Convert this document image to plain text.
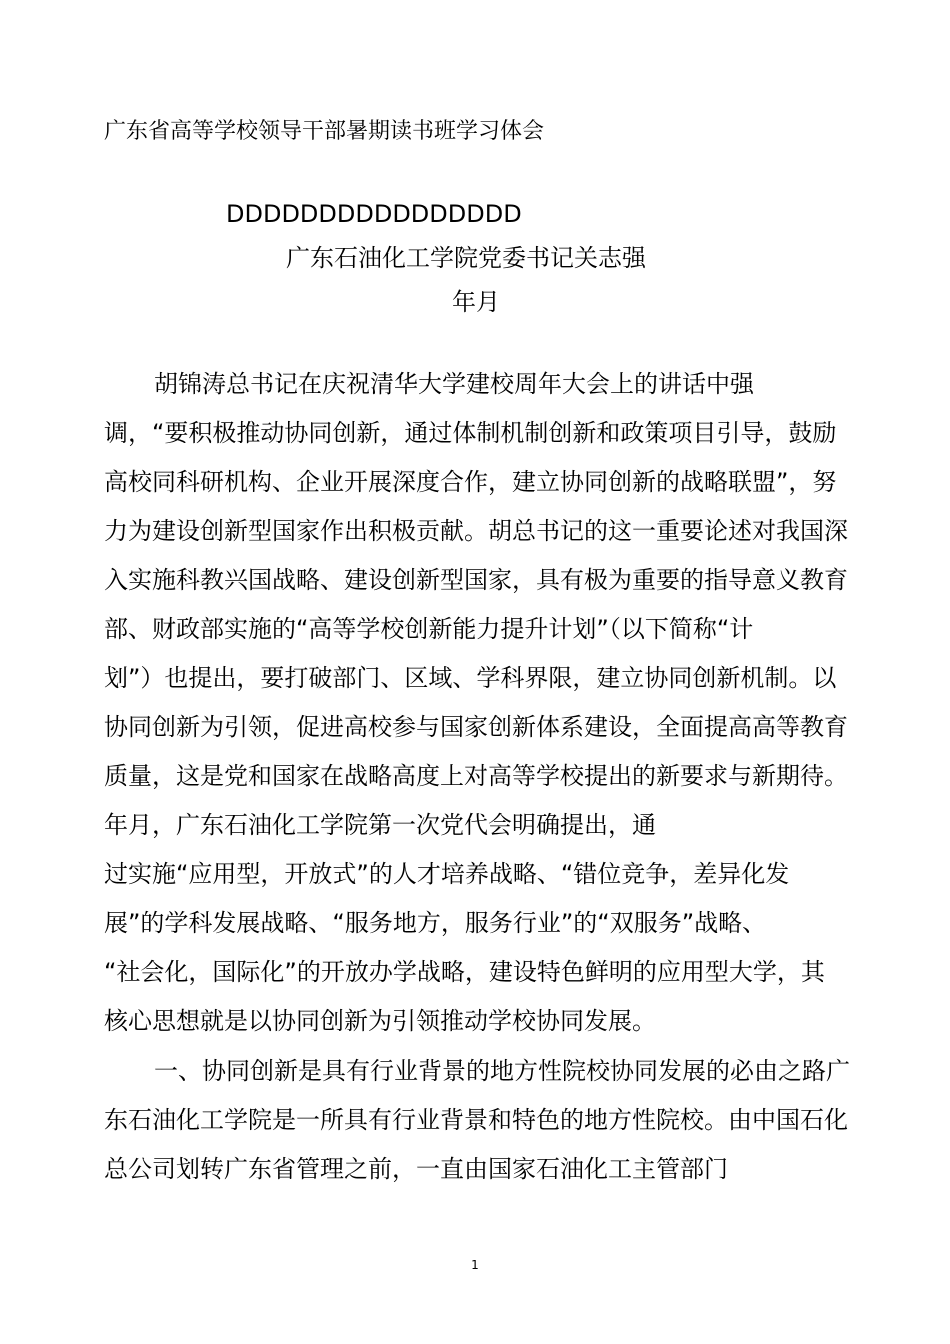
广东省高等学校领导干部暑期读书班学习体会
DDDDDDDDDDDDDDDD
广东石油化工学院党委书记关志强
年月
胡锦涛总书记在庆祝清华大学建校周年大会上的讲话中强
调，“要积极推动协同创新，通过体制机制创新和政策项目引导，鼓励
高校同科研机构、企业开展深度合作，建立协同创新的战略联盟”，努
力为建设创新型国家作出积极贡献。胡总书记的这一重要论述对我国深
入实施科教兴国战略、建设创新型国家，具有极为重要的指导意义教育
部、财政部实施的“高等学校创新能力提升计划”（以下简称“计
划”）也提出，要打破部门、区域、学科界限，建立协同创新机制。以
协同创新为引领，促进高校参与国家创新体系建设，全面提高高等教育
质量，这是党和国家在战略高度上对高等学校提出的新要求与新期待。
年月，广东石油化工学院第一次党代会明确提出，通
过实施“应用型，开放式”的人才培养战略、“错位竞争，差异化发
展”的学科发展战略、“服务地方，服务行业”的“双服务”战略、
“社会化，国际化”的开放办学战略，建设特色鲜明的应用型大学，其
核心思想就是以协同创新为引领推动学校协同发展。
一、协同创新是具有行业背景的地方性院校协同发展的必由之路广
东石油化工学院是一所具有行业背景和特色的地方性院校。由中国石化
总公司划转广东省管理之前，一直由国家石油化工主管部门
1
